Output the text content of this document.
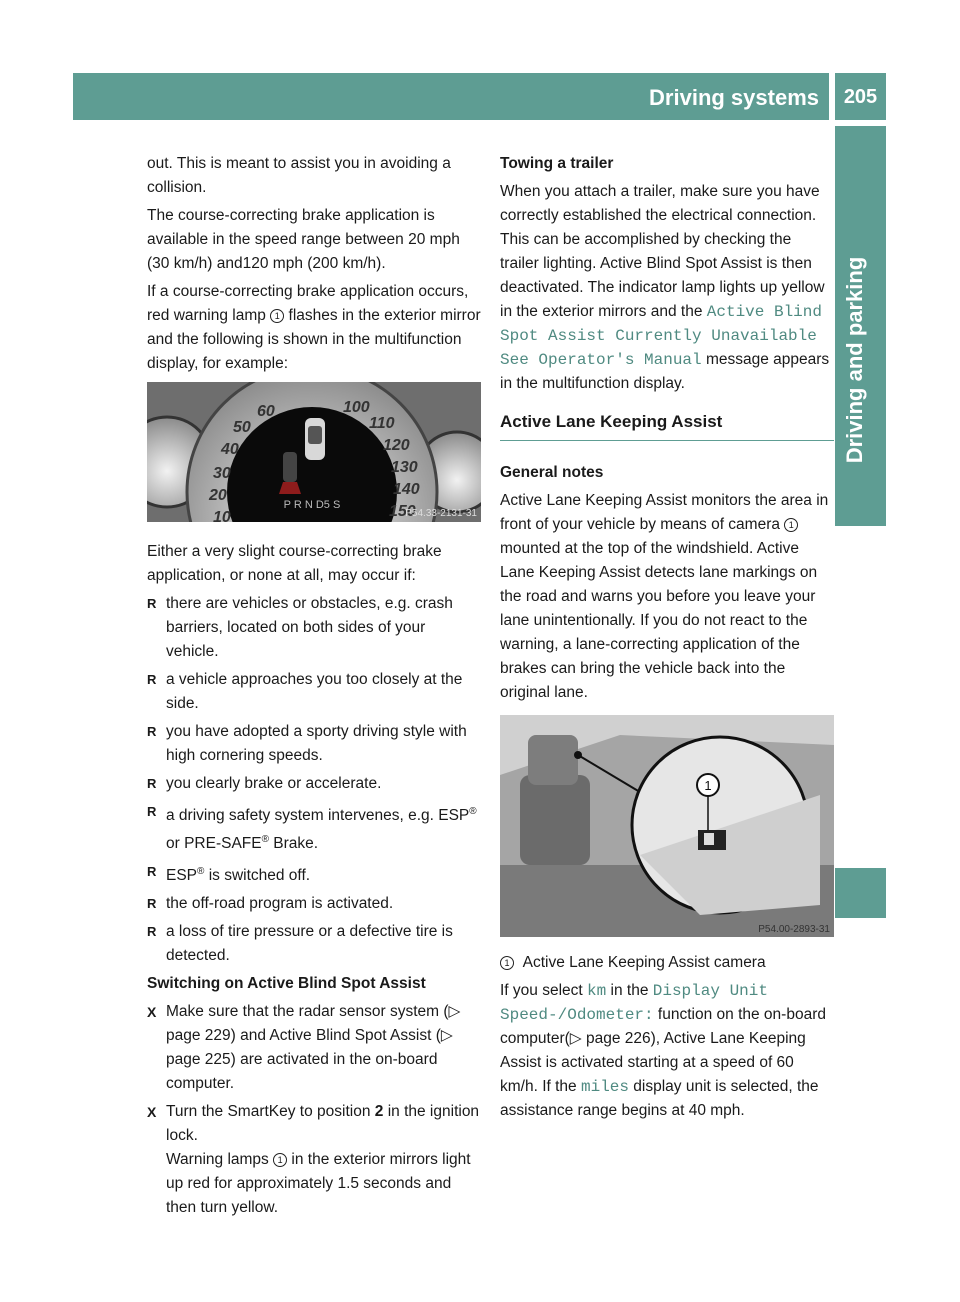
Driving systems	205
Driving and parking

out. This is meant to assist you in avoiding a collision.

The course-correcting brake application is available in the speed range between 20 mph (30 km/h) and120 mph (200 km/h).

If a course-correcting brake application occurs, red warning lamp 1 flashes in the exterior mirror and the following is shown in the multifunction display, for example:

60	100
110
120
130
140
150
50
40
30
20
10
P R N D5 S
P54.33-2131-31

Either a very slight course-correcting brake application, or none at all, may occur if:

R there are vehicles or obstacles, e.g. crash barriers, located on both sides of your vehicle.
R a vehicle approaches you too closely at the side.
R you have adopted a sporty driving style with high cornering speeds.
R you clearly brake or accelerate.
R a driving safety system intervenes, e.g. ESP® or PRE-SAFE® Brake.
R ESP® is switched off.
R the off-road program is activated.
R a loss of tire pressure or a defective tire is detected.
Switching on Active Blind Spot Assist
X Make sure that the radar sensor system (▷ page 229) and Active Blind Spot Assist (▷ page 225) are activated in the on-board computer.
X Turn the SmartKey to position 2 in the ignition lock.
Warning lamps 1 in the exterior mirrors light up red for approximately 1.5 seconds and then turn yellow.
Towing a trailer

When you attach a trailer, make sure you have correctly established the electrical connection. This can be accomplished by checking the trailer lighting. Active Blind Spot Assist is then deactivated. The indicator lamp lights up yellow in the exterior mirrors and the Active Blind Spot Assist Currently Unavailable See Operator's Manual message appears in the multifunction display.

Active Lane Keeping Assist
General notes

Active Lane Keeping Assist monitors the area in front of your vehicle by means of camera 1 mounted at the top of the windshield. Active Lane Keeping Assist detects lane markings on the road and warns you before you leave your lane unintentionally. If you do not react to the warning, a lane-correcting application of the brakes can bring the vehicle back into the original lane.

1
P54.00-2893-31

1 Active Lane Keeping Assist camera

If you select km in the Display Unit Speed-/Odometer: function on the on-board computer(▷ page 226), Active Lane Keeping Assist is activated starting at a speed of 60 km/h. If the miles display unit is selected, the assistance range begins at 40 mph.
